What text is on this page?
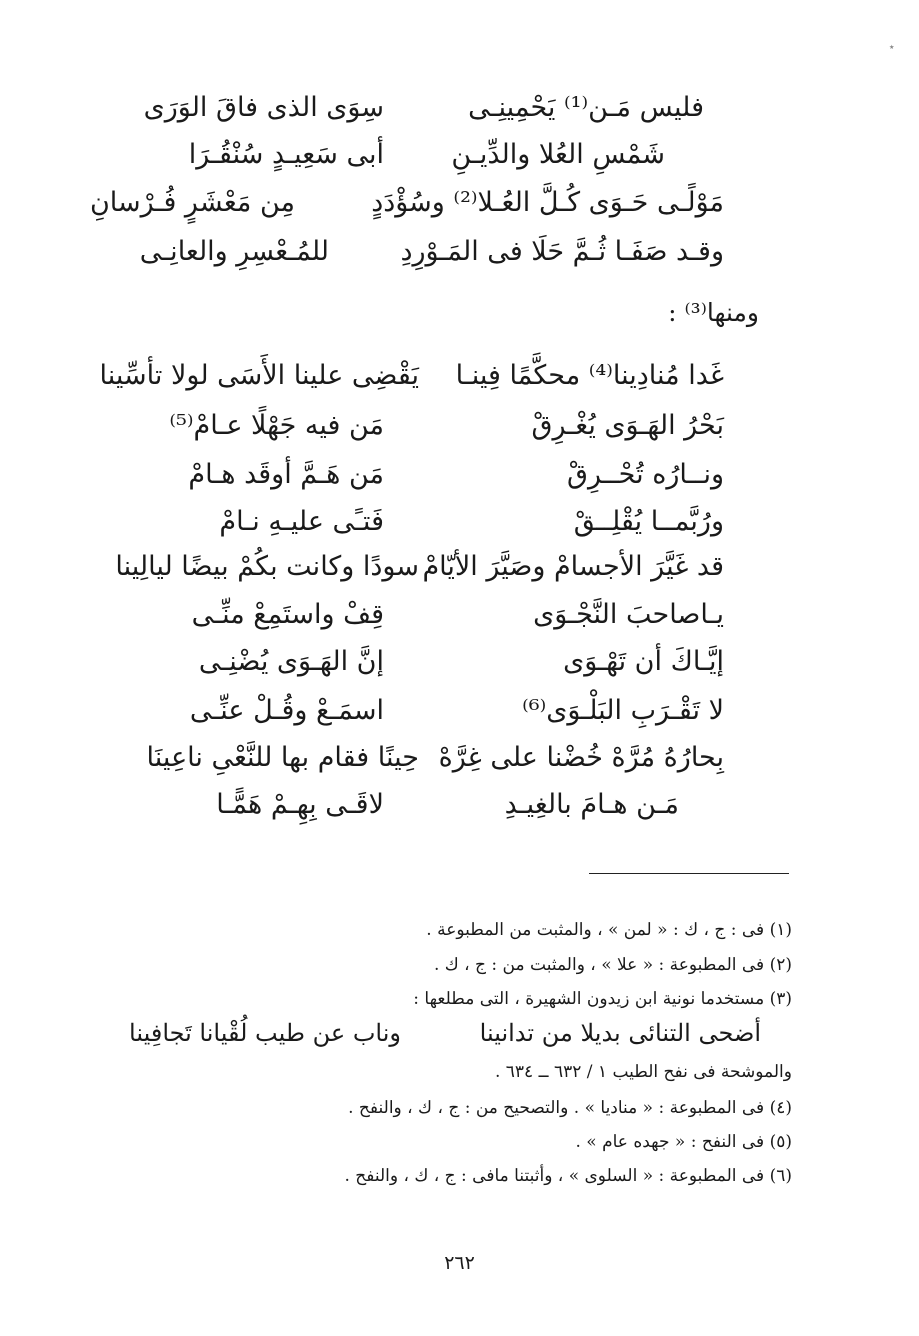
٭
فليس مَـن⁽¹⁾ يَحْمِينِـى
سِوَى الذى فاقَ الوَرَى
شَمْسِ العُلا والدِّيـنِ
أبى سَعِيـدٍ سُنْقُـرَا
مَوْلًـى حَـوَى كُـلَّ العُـلا⁽²⁾ وسُؤْدَدٍ
مِن مَعْشَرٍ فُـرْسانِ
وقـد صَفَـا ثُـمَّ حَلَا فى المَـوْرِدِ
للمُـعْسِرِ والعانِـى
ومنها⁽³⁾ :
غَدا مُنادِينا⁽⁴⁾ محكَّمًا فِينـا
يَقْضِى علينا الأَسَى لولا تأسِّينا
بَحْرُ الهَـوَى يُغْـرِقْ
مَن فيه جَهْلًا عـامْ⁽⁵⁾
ونــارُه تُحْــرِقْ
مَن هَـمَّ أوقَد هـامْ
ورُبَّمــا يُقْلِــقْ
فَتـًى عليـهِ نـامْ
قد غَيَّرَ الأجسامْ وصَيَّرَ الأيّامْ
سودًا وكانت بكُمْ بيضًا ليالِينا
يـاصاحبَ النَّجْـوَى
قِفْ واستَمِعْ منِّـى
إيَّـاكَ أن تَهْـوَى
إنَّ الهَـوَى يُضْنِـى
لا تَقْـرَبِ البَلْـوَى⁽⁶⁾
اسمَـعْ وقُـلْ عنِّـى
بِحارُهُ مُرَّهْ خُضْنا على غِرَّهْ
حِينًا فقام بها للنَّعْىِ ناعِينَا
مَـن هـامَ بالغِيـدِ
لاقَـى بِهِـمْ هَمًّـا
(١) فى : ج ، ك : « لمن » ، والمثبت من المطبوعة .
(٢) فى المطبوعة : « علا » ، والمثبت من : ج ، ك .
(٣) مستخدما نونية ابن زيدون الشهيرة ، التى مطلعها :
أضحى التنائى بديلا من تدانينا
وناب عن طيب لُقْيانا تَجافِينا
والموشحة فى نفح الطيب ١ / ٦٣٢ ــ ٦٣٤ .
(٤) فى المطبوعة : « مناديا » . والتصحيح من : ج ، ك ، والنفح .
(٥) فى النفح : « جهده عام » .
(٦) فى المطبوعة : « السلوى » ، وأثبتنا مافى : ج ، ك ، والنفح .
٢٦٢
